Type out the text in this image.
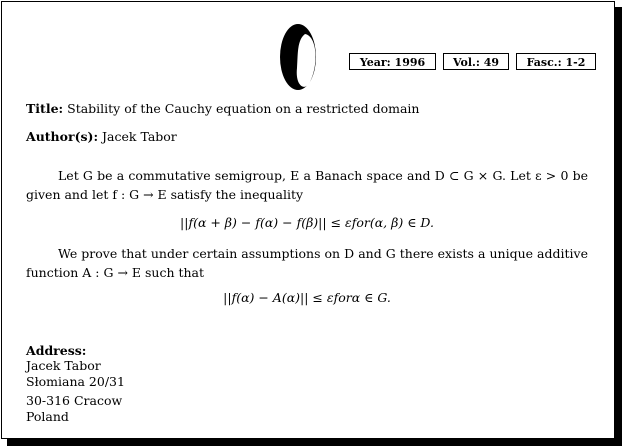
Year: 1996	Vol.: 49	Fasc.: 1-2
Title: Stability of the Cauchy equation on a restricted domain
Author(s): Jacek Tabor
Let G be a commutative semigroup, E a Banach space and D ⊂ G × G. Let ε > 0 be given and let f : G → E satisfy the inequality
||f(α + β) − f(α) − f(β)|| ≤ εfor(α, β) ∈ D.
We prove that under certain assumptions on D and G there exists a unique additive function A : G → E such that
||f(α) − A(α)|| ≤ εforα ∈ G.
Address:
Jacek Tabor
Słomiana 20/31
30-316 Cracow
Poland
